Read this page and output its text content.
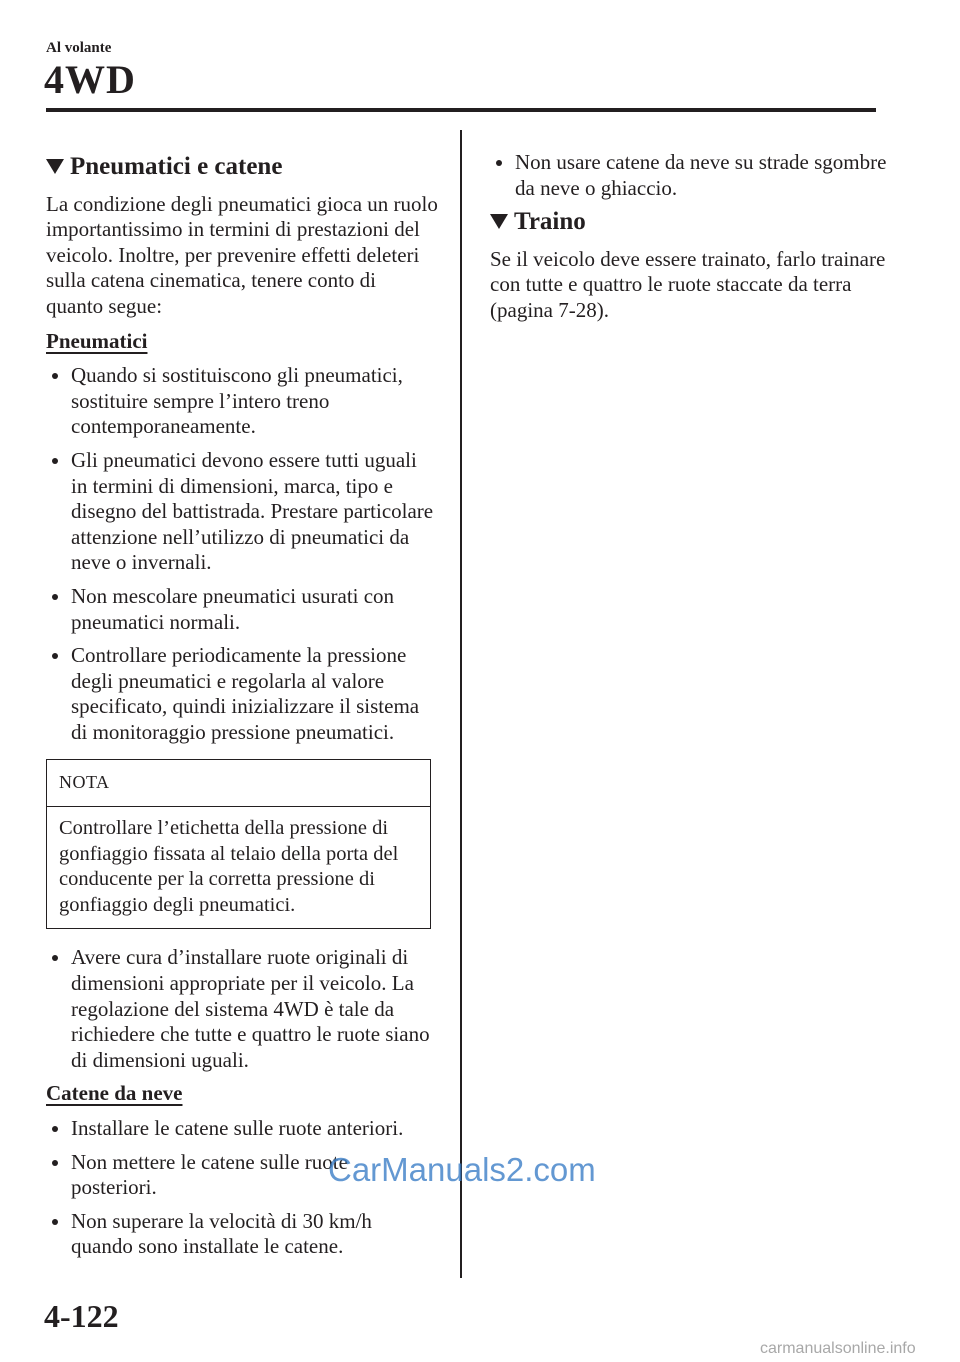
Al volante
4WD
Pneumatici e catene

La condizione degli pneumatici gioca un ruolo importantissimo in termini di prestazioni del veicolo. Inoltre, per prevenire effetti deleteri sulla catena cinematica, tenere conto di quanto segue:

Pneumatici
Quando si sostituiscono gli pneumatici, sostituire sempre l’intero treno contemporaneamente.
Gli pneumatici devono essere tutti uguali in termini di dimensioni, marca, tipo e disegno del battistrada. Prestare particolare attenzione nell’utilizzo di pneumatici da neve o invernali.
Non mescolare pneumatici usurati con pneumatici normali.
Controllare periodicamente la pressione degli pneumatici e regolarla al valore specificato, quindi inizializzare il sistema di monitoraggio pressione pneumatici.
NOTA
Controllare l’etichetta della pressione di gonfiaggio fissata al telaio della porta del conducente per la corretta pressione di gonfiaggio degli pneumatici.
Avere cura d’installare ruote originali di dimensioni appropriate per il veicolo. La regolazione del sistema 4WD è tale da richiedere che tutte e quattro le ruote siano di dimensioni uguali.
Catene da neve
Installare le catene sulle ruote anteriori.
Non mettere le catene sulle ruote posteriori.
Non superare la velocità di 30 km/h quando sono installate le catene.
Non usare catene da neve su strade sgombre da neve o ghiaccio.
Traino

Se il veicolo deve essere trainato, farlo trainare con tutte e quattro le ruote staccate da terra (pagina 7-28).

4-122
CarManuals2.com
carmanualsonline.info
